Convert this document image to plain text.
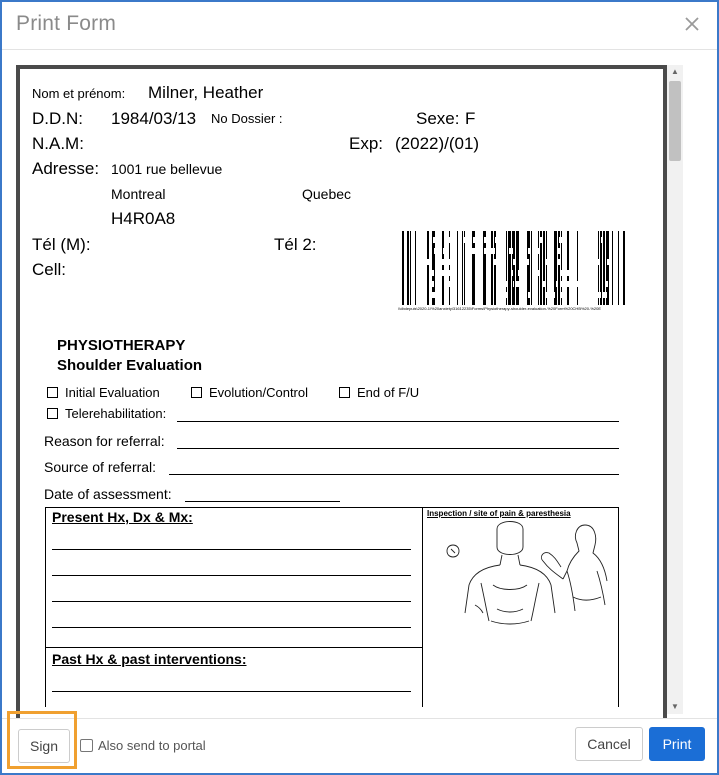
Print Form
Nom et prénom: Milner, Heather
D.D.N: 1984/03/13 No Dossier :	Sexe: F
N.A.M:	Exp: (2022)/(01)
Adresse: 1001 rue bellevue
Montreal	Quebec
H4R0A8
Tél (M):	Tél 2:
Cell:
\\dbdepuis\2020-1\%20anxiety\31612235\Forms\Physiotherapy-shoulder-evaluation-%20Form%20CHB%20-%20E
PHYSIOTHERAPY
Shoulder Evaluation
Initial Evaluation	Evolution/Control	End of F/U
Telerehabilitation:
Reason for referral:
Source of referral:
Date of assessment:
Present Hx, Dx & Mx:
Past Hx & past interventions:
Inspection / site of pain & paresthesia
▲
▼
Sign	Also send to portal	Cancel	Print
